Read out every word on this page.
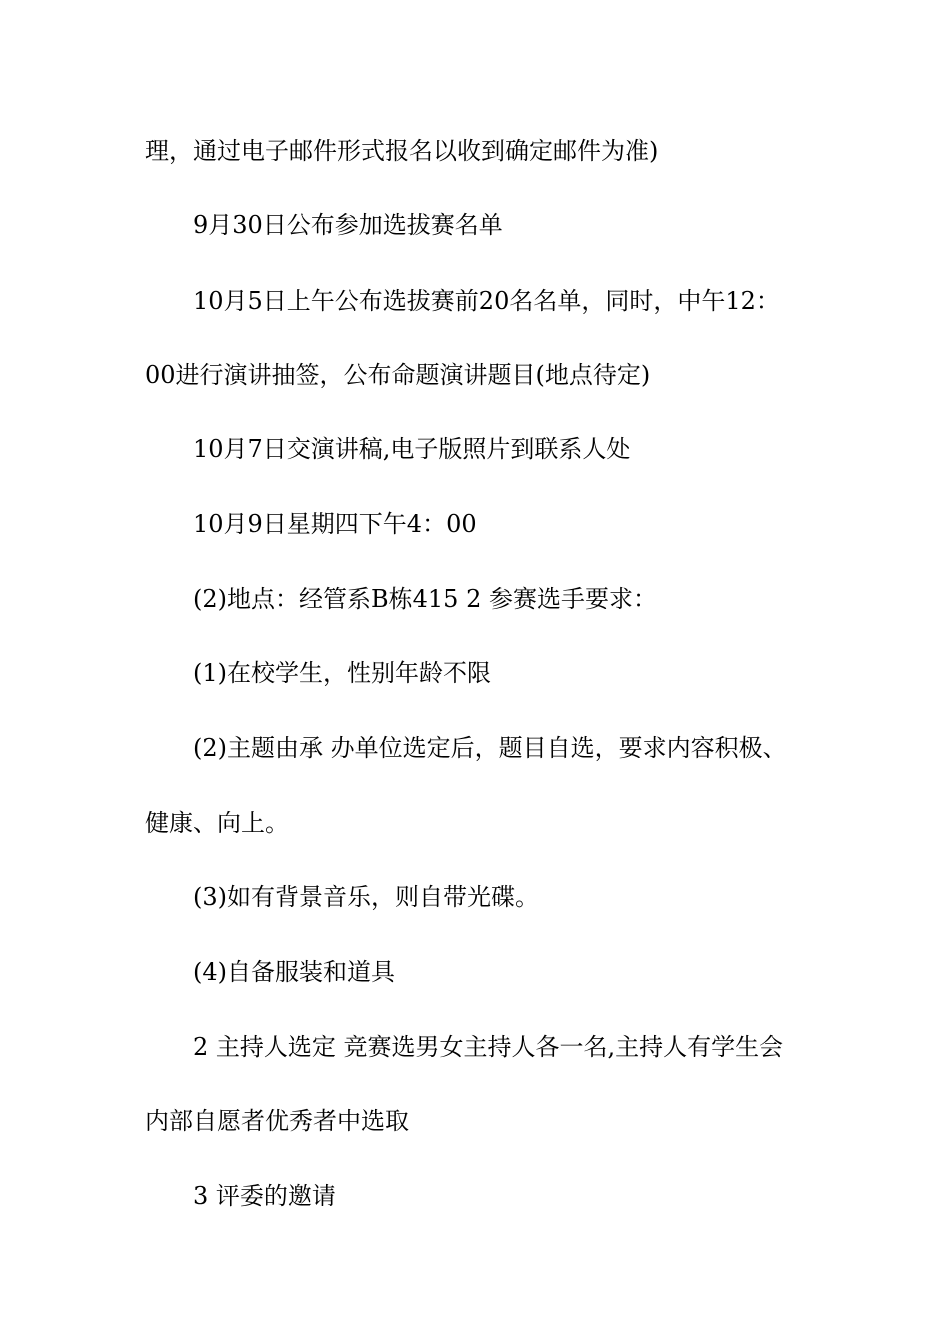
理，通过电子邮件形式报名以收到确定邮件为准)
9月30日公布参加选拔赛名单
10月5日上午公布选拔赛前20名名单，同时，中午12：
00进行演讲抽签，公布命题演讲题目(地点待定)
10月7日交演讲稿,电子版照片到联系人处
10月9日星期四下午4：00
(2)地点：经管系B栋415 2 参赛选手要求：
(1)在校学生，性别年龄不限
(2)主题由承 办单位选定后，题目自选，要求内容积极、
健康、向上。
(3)如有背景音乐，则自带光碟。
(4)自备服装和道具
2 主持人选定 竞赛选男女主持人各一名,主持人有学生会
内部自愿者优秀者中选取
3 评委的邀请
